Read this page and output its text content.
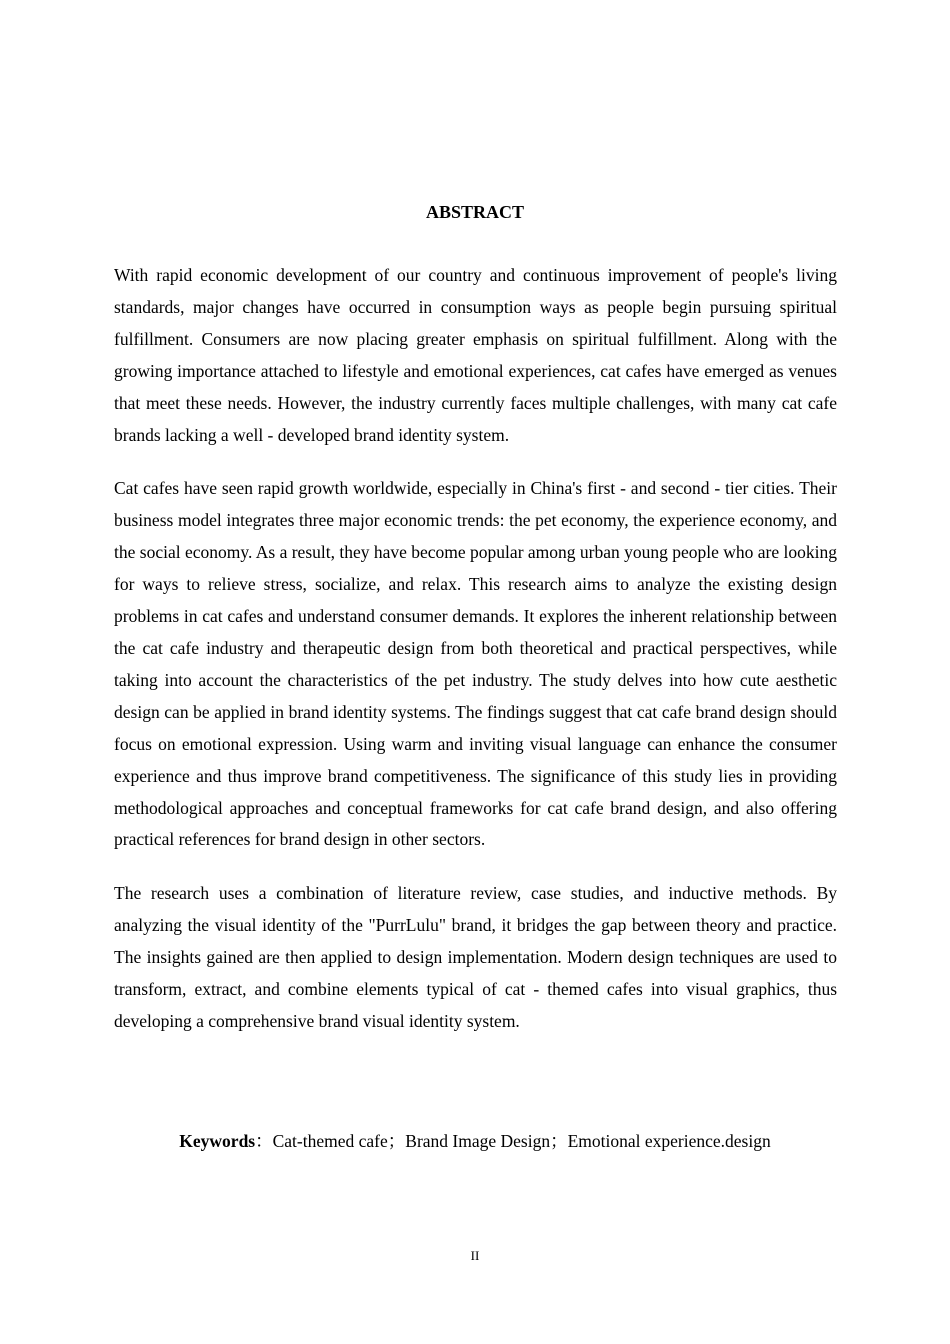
ABSTRACT

With rapid economic development of our country and continuous improvement of people's living standards, major changes have occurred in consumption ways as people begin pursuing spiritual fulfillment. Consumers are now placing greater emphasis on spiritual fulfillment. Along with the growing importance attached to lifestyle and emotional experiences, cat cafes have emerged as venues that meet these needs. However, the industry currently faces multiple challenges, with many cat cafe brands lacking a well - developed brand identity system.

Cat cafes have seen rapid growth worldwide, especially in China's first - and second - tier cities. Their business model integrates three major economic trends: the pet economy, the experience economy, and the social economy. As a result, they have become popular among urban young people who are looking for ways to relieve stress, socialize, and relax. This research aims to analyze the existing design problems in cat cafes and understand consumer demands. It explores the inherent relationship between the cat cafe industry and therapeutic design from both theoretical and practical perspectives, while taking into account the characteristics of the pet industry. The study delves into how cute aesthetic design can be applied in brand identity systems. The findings suggest that cat cafe brand design should focus on emotional expression. Using warm and inviting visual language can enhance the consumer experience and thus improve brand competitiveness. The significance of this study lies in providing methodological approaches and conceptual frameworks for cat cafe brand design, and also offering practical references for brand design in other sectors.

The research uses a combination of literature review, case studies, and inductive methods. By analyzing the visual identity of the "PurrLulu" brand, it bridges the gap between theory and practice. The insights gained are then applied to design implementation. Modern design techniques are used to transform, extract, and combine elements typical of cat - themed cafes into visual graphics, thus developing a comprehensive brand visual identity system.

Keywords：Cat-themed cafe；Brand Image Design；Emotional experience.design
II
